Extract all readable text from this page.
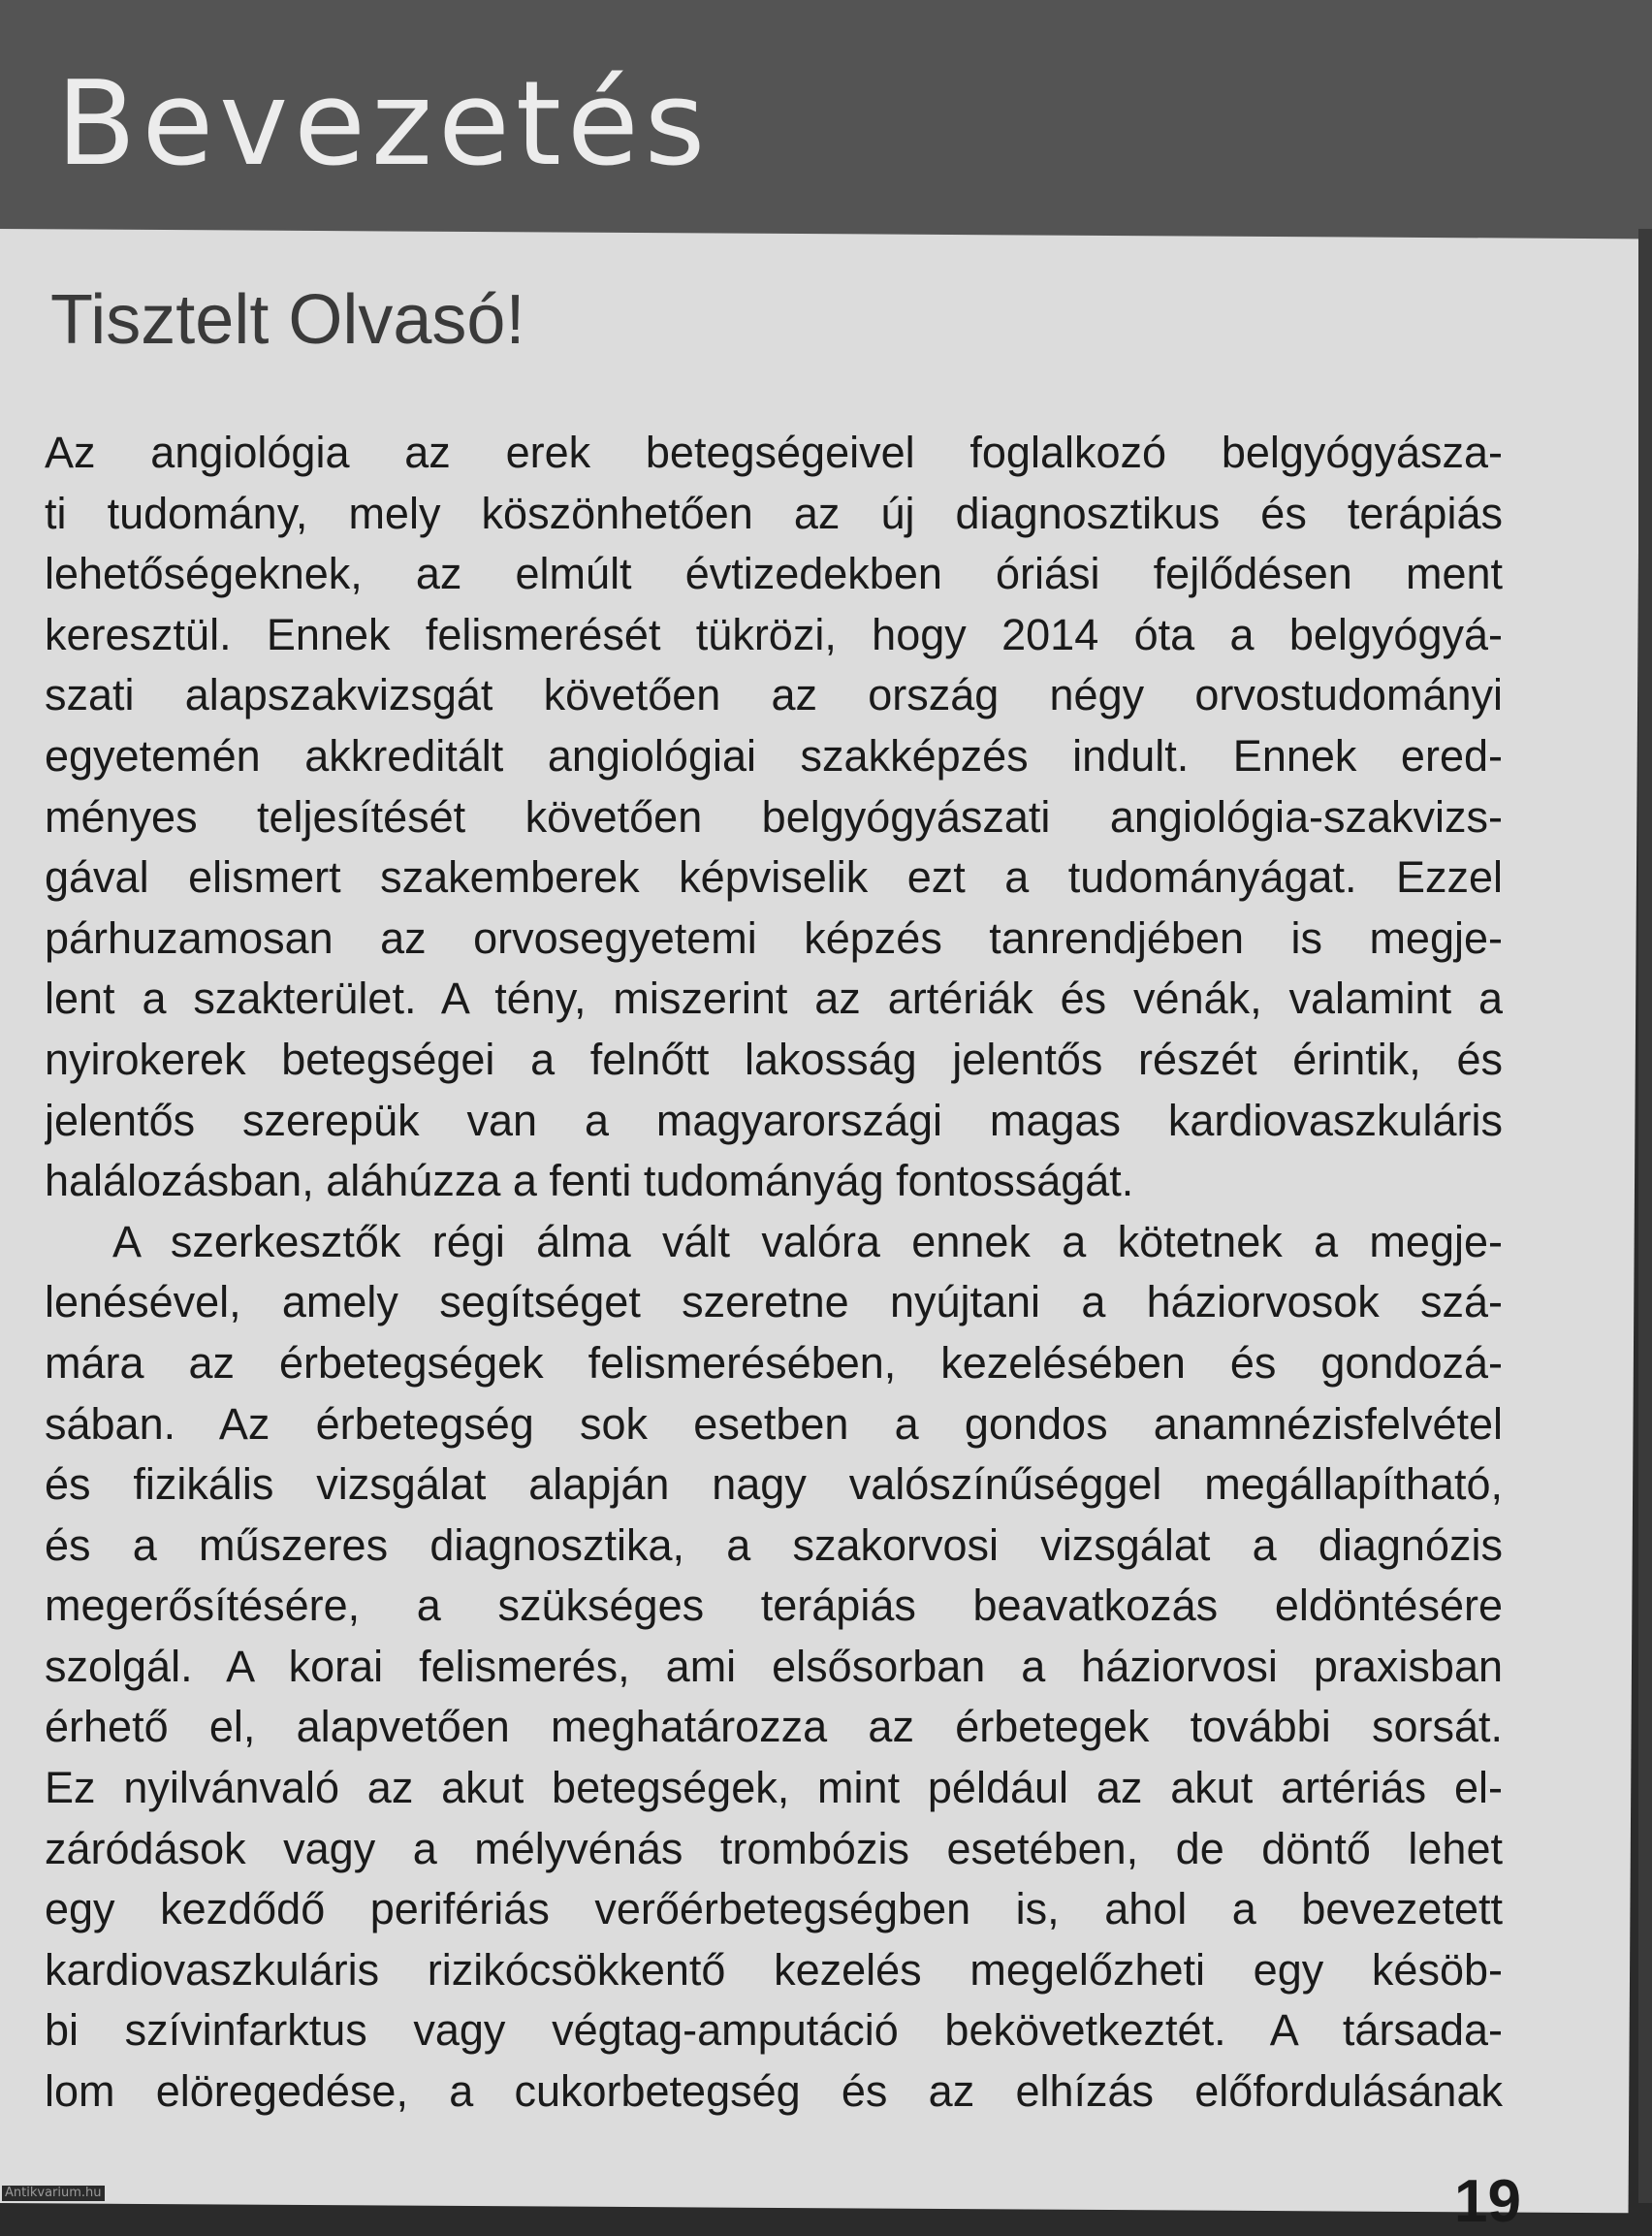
Bevezetés
Tisztelt Olvasó!
Az angiológia az erek betegségeivel foglalkozó belgyógyásza-
ti tudomány, mely köszönhetően az új diagnosztikus és terápiás
lehetőségeknek, az elmúlt évtizedekben óriási fejlődésen ment
keresztül. Ennek felismerését tükrözi, hogy 2014 óta a belgyógyá-
szati alapszakvizsgát követően az ország négy orvostudományi
egyetemén akkreditált angiológiai szakképzés indult. Ennek ered-
ményes teljesítését követően belgyógyászati angiológia-szakvizs-
gával elismert szakemberek képviselik ezt a tudományágat. Ezzel
párhuzamosan az orvosegyetemi képzés tanrendjében is megje-
lent a szakterület. A tény, miszerint az artériák és vénák, valamint a
nyirokerek betegségei a felnőtt lakosság jelentős részét érintik, és
jelentős szerepük van a magyarországi magas kardiovaszkuláris
halálozásban, aláhúzza a fenti tudományág fontosságát.
A szerkesztők régi álma vált valóra ennek a kötetnek a megje-
lenésével, amely segítséget szeretne nyújtani a háziorvosok szá-
mára az érbetegségek felismerésében, kezelésében és gondozá-
sában. Az érbetegség sok esetben a gondos anamnézisfelvétel
és fizikális vizsgálat alapján nagy valószínűséggel megállapítható,
és a műszeres diagnosztika, a szakorvosi vizsgálat a diagnózis
megerősítésére, a szükséges terápiás beavatkozás eldöntésére
szolgál. A korai felismerés, ami elsősorban a háziorvosi praxisban
érhető el, alapvetően meghatározza az érbetegek további sorsát.
Ez nyilvánvaló az akut betegségek, mint például az akut artériás el-
záródások vagy a mélyvénás trombózis esetében, de döntő lehet
egy kezdődő perifériás verőérbetegségben is, ahol a bevezetett
kardiovaszkuláris rizikócsökkentő kezelés megelőzheti egy késöb-
bi szívinfarktus vagy végtag-amputáció bekövetkeztét. A társada-
lom elöregedése, a cukorbetegség és az elhízás előfordulásának
19
Antikvarium.hu
